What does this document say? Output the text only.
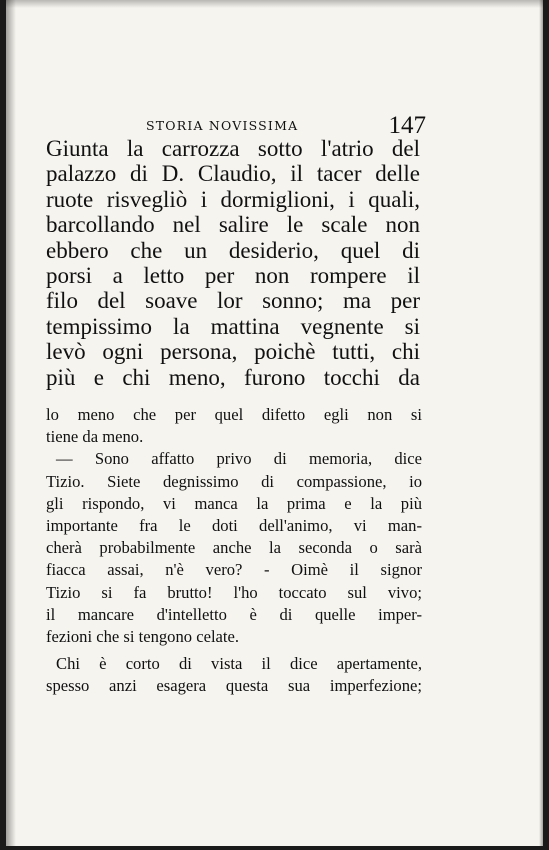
STORIA NOVISSIMA	147
Giunta la carrozza sotto l'atrio del
palazzo di D. Claudio, il tacer delle
ruote risvegliò i dormiglioni, i quali,
barcollando nel salire le scale non
ebbero che un desiderio, quel di
porsi a letto per non rompere il
filo del soave lor sonno; ma per
tempissimo la mattina vegnente si
levò ogni persona, poichè tutti, chi
più e chi meno, furono tocchi da
lo meno che per quel difetto egli non si
tiene da meno.
— Sono affatto privo di memoria, dice
Tizio. Siete degnissimo di compassione, io
gli rispondo, vi manca la prima e la più
importante fra le doti dell'animo, vi man-
cherà probabilmente anche la seconda o sarà
fiacca assai, n'è vero? - Oimè il signor
Tizio si fa brutto! l'ho toccato sul vivo;
il mancare d'intelletto è di quelle imper-
fezioni che si tengono celate.
Chi è corto di vista il dice apertamente,
spesso anzi esagera questa sua imperfezione;
